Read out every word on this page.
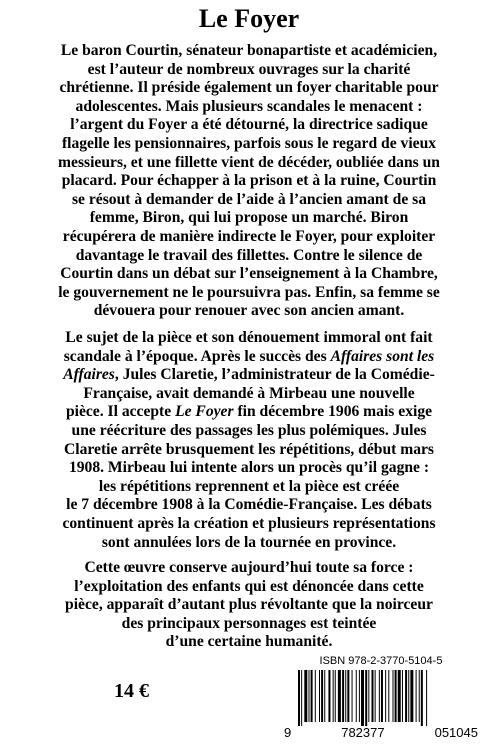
Le Foyer

Le baron Courtin, sénateur bonapartiste et académicien,
est l’auteur de nombreux ouvrages sur la charité
chrétienne. Il préside également un foyer charitable pour
adolescentes. Mais plusieurs scandales le menacent :
l’argent du Foyer a été détourné, la directrice sadique
flagelle les pensionnaires, parfois sous le regard de vieux
messieurs, et une fillette vient de décéder, oubliée dans un
placard. Pour échapper à la prison et à la ruine, Courtin
se résout à demander de l’aide à l’ancien amant de sa
femme, Biron, qui lui propose un marché. Biron
récupérera de manière indirecte le Foyer, pour exploiter
davantage le travail des fillettes. Contre le silence de
Courtin dans un débat sur l’enseignement à la Chambre,
le gouvernement ne le poursuivra pas. Enfin, sa femme se
dévouera pour renouer avec son ancien amant.

Le sujet de la pièce et son dénouement immoral ont fait
scandale à l’époque. Après le succès des Affaires sont les
Affaires, Jules Claretie, l’administrateur de la Comédie-
Française, avait demandé à Mirbeau une nouvelle
pièce. Il accepte Le Foyer fin décembre 1906 mais exige
une réécriture des passages les plus polémiques. Jules
Claretie arrête brusquement les répétitions, début mars
1908. Mirbeau lui intente alors un procès qu’il gagne :
les répétitions reprennent et la pièce est créée
le 7 décembre 1908 à la Comédie-Française. Les débats
continuent après la création et plusieurs représentations
sont annulées lors de la tournée en province.

Cette œuvre conserve aujourd’hui toute sa force :
l’exploitation des enfants qui est dénoncée dans cette
pièce, apparaît d’autant plus révoltante que la noirceur
des principaux personnages est teintée
d’une certaine humanité.

14 €
ISBN 978-2-3770-5104-5
9	782377	051045
